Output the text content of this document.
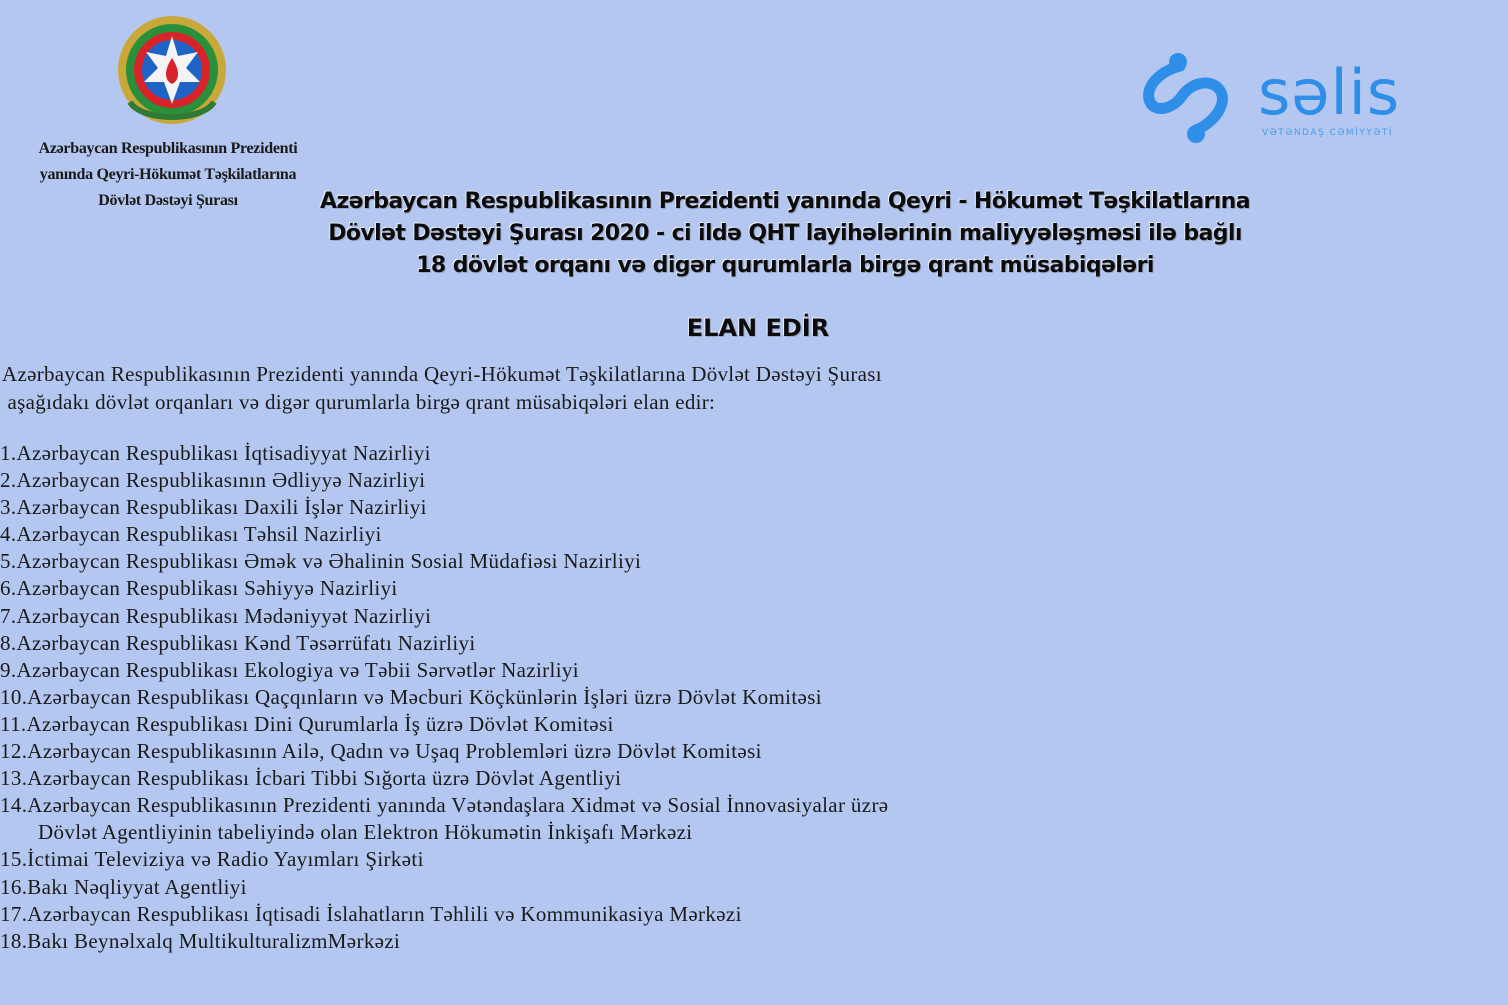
Azərbaycan Respublikasının Prezidenti
yanında Qeyri-Hökumət Təşkilatlarına
Dövlət Dəstəyi Şurası
səlis
VƏTƏNDAŞ CƏMİYYƏTİ
Azərbaycan Respublikasının Prezidenti yanında Qeyri - Hökumət Təşkilatlarına
Dövlət Dəstəyi Şurası 2020 - ci ildə QHT layihələrinin maliyyələşməsi ilə bağlı
18 dövlət orqanı və digər qurumlarla birgə qrant müsabiqələri
ELAN EDİR
Azərbaycan Respublikasının Prezidenti yanında Qeyri-Hökumət Təşkilatlarına Dövlət Dəstəyi Şurası
aşağıdakı dövlət orqanları və digər qurumlarla birgə qrant müsabiqələri elan edir:
1.Azərbaycan Respublikası İqtisadiyyat Nazirliyi
2.Azərbaycan Respublikasının Ədliyyə Nazirliyi
3.Azərbaycan Respublikası Daxili İşlər Nazirliyi
4.Azərbaycan Respublikası Təhsil Nazirliyi
5.Azərbaycan Respublikası Əmək və Əhalinin Sosial Müdafiəsi Nazirliyi
6.Azərbaycan Respublikası Səhiyyə Nazirliyi
7.Azərbaycan Respublikası Mədəniyyət Nazirliyi
8.Azərbaycan Respublikası Kənd Təsərrüfatı Nazirliyi
9.Azərbaycan Respublikası Ekologiya və Təbii Sərvətlər Nazirliyi
10.Azərbaycan Respublikası Qaçqınların və Məcburi Köçkünlərin İşləri üzrə Dövlət Komitəsi
11.Azərbaycan Respublikası Dini Qurumlarla İş üzrə Dövlət Komitəsi
12.Azərbaycan Respublikasının Ailə, Qadın və Uşaq Problemləri üzrə Dövlət Komitəsi
13.Azərbaycan Respublikası İcbari Tibbi Sığorta üzrə Dövlət Agentliyi
14.Azərbaycan Respublikasının Prezidenti yanında Vətəndaşlara Xidmət və Sosial İnnovasiyalar üzrə
Dövlət Agentliyinin tabeliyində olan Elektron Hökumətin İnkişafı Mərkəzi
15.İctimai Televiziya və Radio Yayımları Şirkəti
16.Bakı Nəqliyyat Agentliyi
17.Azərbaycan Respublikası İqtisadi İslahatların Təhlili və Kommunikasiya Mərkəzi
18.Bakı Beynəlxalq MultikulturalizmMərkəzi
